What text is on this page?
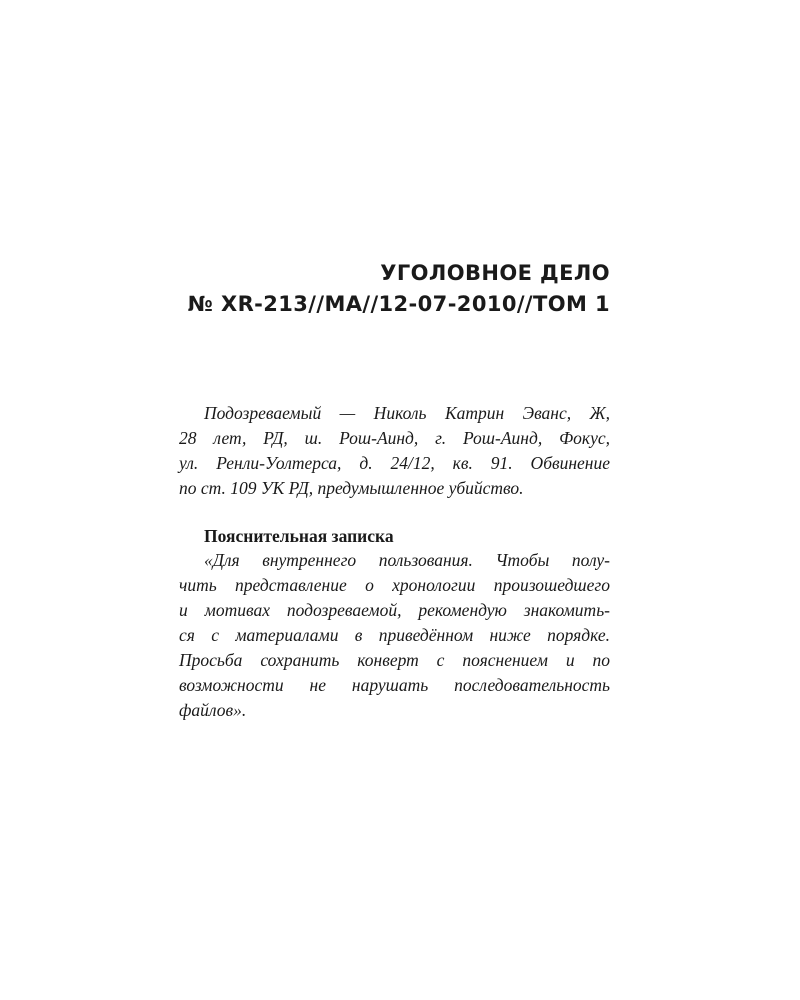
УГОЛОВНОЕ ДЕЛО
№ XR-213//MA//12-07-2010//ТОМ 1
Подозреваемый — Николь Катрин Эванс, Ж,
28 лет, РД, ш. Рош-Аинд, г. Рош-Аинд, Фокус,
ул. Ренли-Уолтерса, д. 24/12, кв. 91. Обвинение
по ст. 109 УК РД, предумышленное убийство.
Пояснительная записка
«Для внутреннего пользования. Чтобы полу-
чить представление о хронологии произошедшего
и мотивах подозреваемой, рекомендую знакомить-
ся с материалами в приведённом ниже порядке.
Просьба сохранить конверт с пояснением и по
возможности не нарушать последовательность
файлов».
